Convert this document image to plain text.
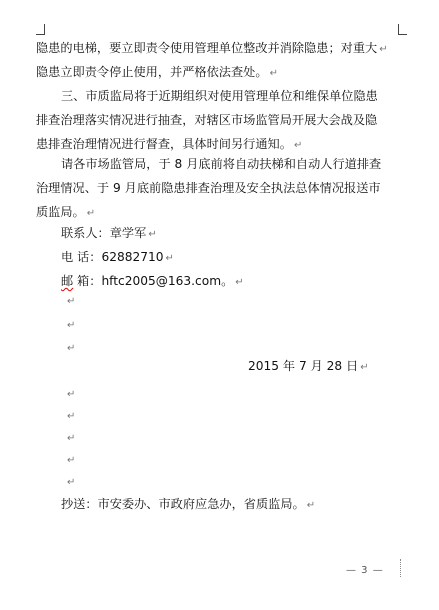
隐患的电梯，要立即责令使用管理单位整改并消除隐患；对重大 ↵
隐患立即责令停止使用，并严格依法查处。 ↵
三、市质监局将于近期组织对使用管理单位和维保单位隐患
排查治理落实情况进行抽查，对辖区市场监管局开展大会战及隐
患排查治理情况进行督查，具体时间另行通知。 ↵
请各市场监管局，于 8 月底前将自动扶梯和自动人行道排查
治理情况、于 9 月底前隐患排查治理及安全执法总体情况报送市
质监局。 ↵
联系人：章学军 ↵
电 话：62882710 ↵
邮 箱：hftc2005@163.com。 ↵
↵
↵
↵
2015 年 7 月 28 日 ↵
↵
↵
↵
↵
↵
抄送：市安委办、市政府应急办，省质监局。 ↵
— 3 —
